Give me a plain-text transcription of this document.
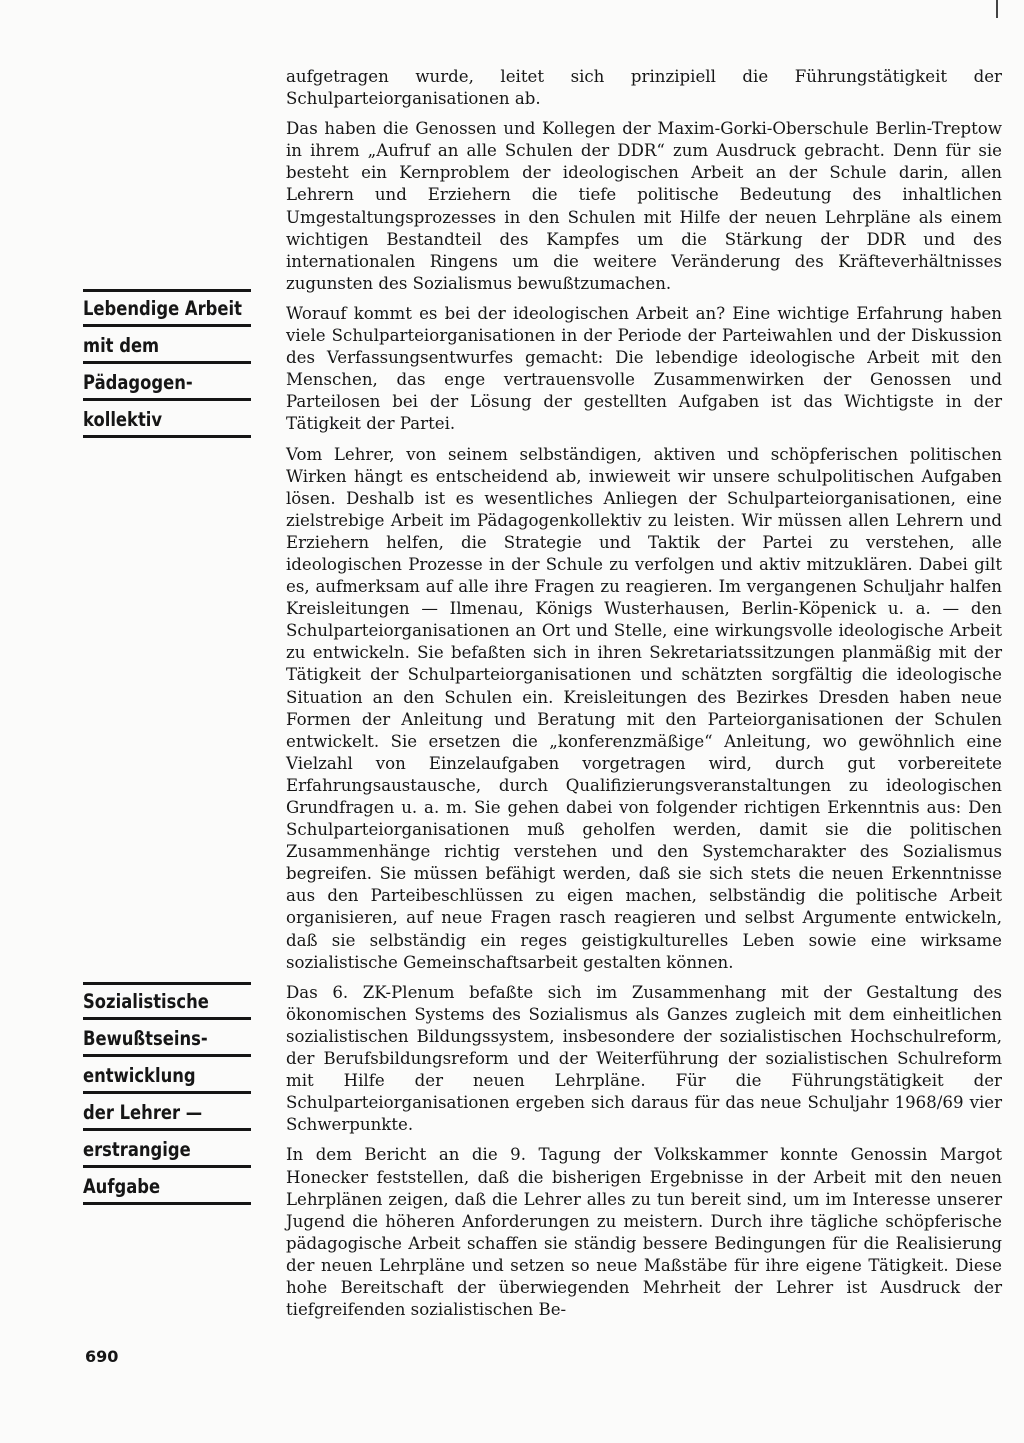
Lebendige Arbeit
mit dem
Pädagogen-
kollektiv
Sozialistische
Bewußtseins-
entwicklung
der Lehrer —
erstrangige
Aufgabe

aufgetragen wurde, leitet sich prinzipiell die Führungstätigkeit der Schulparteiorganisationen ab.

Das haben die Genossen und Kollegen der Maxim-Gorki-Oberschule Berlin-Treptow in ihrem „Aufruf an alle Schulen der DDR“ zum Ausdruck gebracht. Denn für sie besteht ein Kernproblem der ideologischen Arbeit an der Schule darin, allen Lehrern und Erziehern die tiefe politische Bedeutung des inhaltlichen Umgestaltungsprozesses in den Schulen mit Hilfe der neuen Lehrpläne als einem wichtigen Bestandteil des Kampfes um die Stärkung der DDR und des internationalen Ringens um die weitere Veränderung des Kräfteverhältnisses zugunsten des Sozialismus bewußtzumachen.

Worauf kommt es bei der ideologischen Arbeit an? Eine wichtige Erfahrung haben viele Schulparteiorganisationen in der Periode der Parteiwahlen und der Diskussion des Verfassungsentwurfes gemacht: Die lebendige ideologische Arbeit mit den Menschen, das enge vertrauensvolle Zusammenwirken der Genossen und Parteilosen bei der Lösung der gestellten Aufgaben ist das Wichtigste in der Tätigkeit der Partei.

Vom Lehrer, von seinem selbständigen, aktiven und schöpferischen politischen Wirken hängt es entscheidend ab, inwieweit wir unsere schulpolitischen Aufgaben lösen. Deshalb ist es wesentliches Anliegen der Schulparteiorganisationen, eine zielstrebige Arbeit im Pädagogenkollektiv zu leisten. Wir müssen allen Lehrern und Erziehern helfen, die Strategie und Taktik der Partei zu verstehen, alle ideologischen Prozesse in der Schule zu verfolgen und aktiv mitzuklären. Dabei gilt es, aufmerksam auf alle ihre Fragen zu reagieren. Im vergangenen Schuljahr halfen Kreisleitungen — Ilmenau, Königs Wusterhausen, Berlin-Köpenick u. a. — den Schulparteiorganisationen an Ort und Stelle, eine wirkungsvolle ideologische Arbeit zu entwickeln. Sie befaßten sich in ihren Sekretariatssitzungen planmäßig mit der Tätigkeit der Schulparteiorganisationen und schätzten sorgfältig die ideologische Situation an den Schulen ein. Kreisleitungen des Bezirkes Dresden haben neue Formen der Anleitung und Beratung mit den Parteiorganisationen der Schulen entwickelt. Sie ersetzen die „konferenzmäßige“ Anleitung, wo gewöhnlich eine Vielzahl von Einzelaufgaben vorgetragen wird, durch gut vorbereitete Erfahrungsaustausche, durch Qualifizierungsveranstaltungen zu ideologischen Grundfragen u. a. m. Sie gehen dabei von folgender richtigen Erkenntnis aus: Den Schulparteiorganisationen muß geholfen werden, damit sie die politischen Zusammenhänge richtig verstehen und den Systemcharakter des Sozialismus begreifen. Sie müssen befähigt werden, daß sie sich stets die neuen Erkenntnisse aus den Parteibeschlüssen zu eigen machen, selbständig die politische Arbeit organisieren, auf neue Fragen rasch reagieren und selbst Argumente entwickeln, daß sie selbständig ein reges geistigkulturelles Leben sowie eine wirksame sozialistische Gemeinschaftsarbeit gestalten können.

Das 6. ZK-Plenum befaßte sich im Zusammenhang mit der Gestaltung des ökonomischen Systems des Sozialismus als Ganzes zugleich mit dem einheitlichen sozialistischen Bildungssystem, insbesondere der sozialistischen Hochschulreform, der Berufsbildungsreform und der Weiterführung der sozialistischen Schulreform mit Hilfe der neuen Lehrpläne. Für die Führungstätigkeit der Schulparteiorganisationen ergeben sich daraus für das neue Schuljahr 1968/69 vier Schwerpunkte.

In dem Bericht an die 9. Tagung der Volkskammer konnte Genossin Margot Honecker feststellen, daß die bisherigen Ergebnisse in der Arbeit mit den neuen Lehrplänen zeigen, daß die Lehrer alles zu tun bereit sind, um im Interesse unserer Jugend die höheren Anforderungen zu meistern. Durch ihre tägliche schöpferische pädagogische Arbeit schaffen sie ständig bessere Bedingungen für die Realisierung der neuen Lehrpläne und setzen so neue Maßstäbe für ihre eigene Tätigkeit. Diese hohe Bereitschaft der überwiegenden Mehrheit der Lehrer ist Ausdruck der tiefgreifenden sozialistischen Be-

690
